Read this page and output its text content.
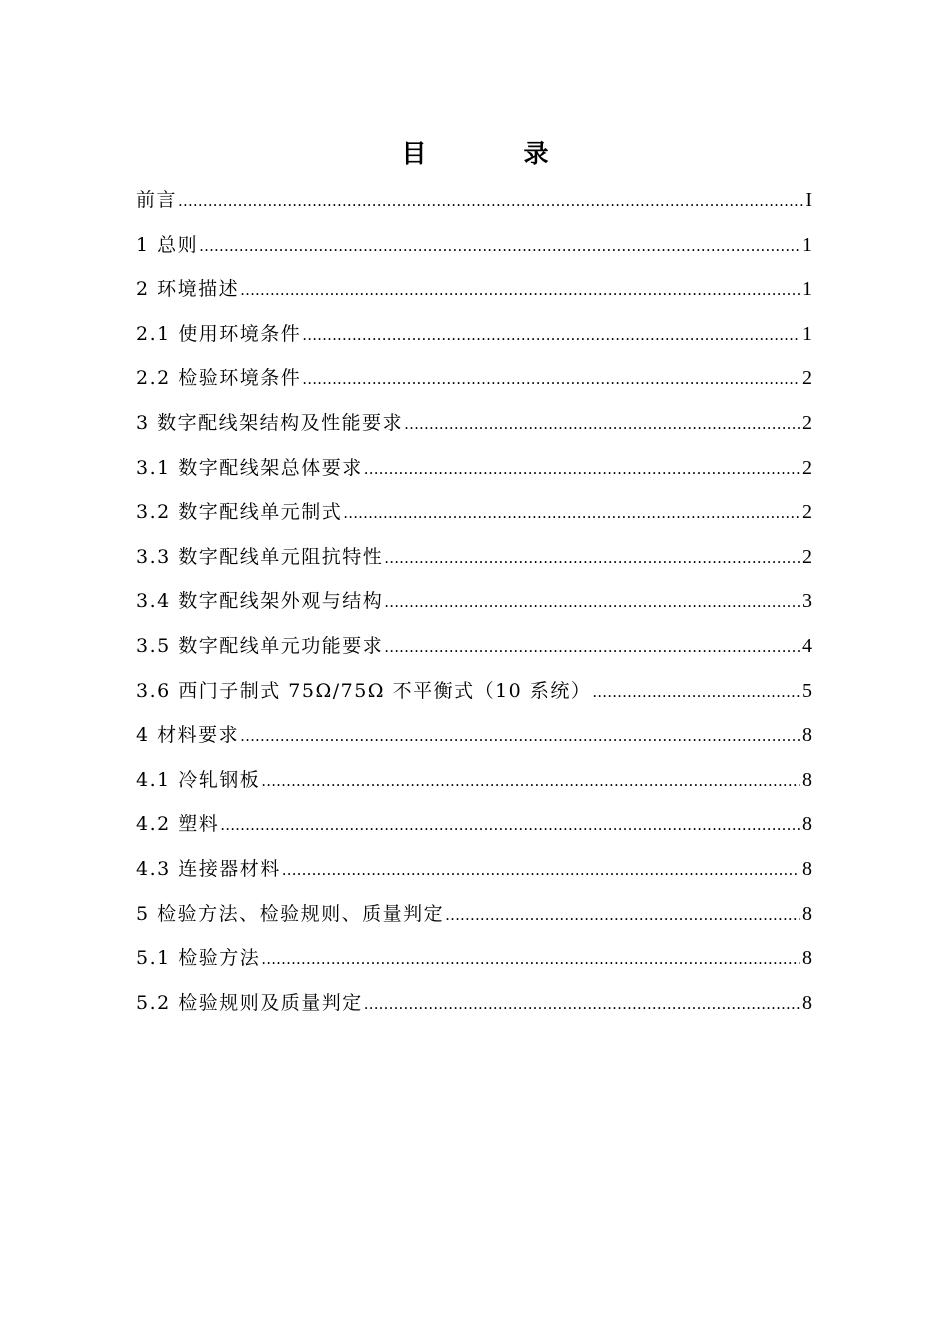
目　录
前言 .....	I
1 总则 .....	1
2 环境描述 .....	1
2.1 使用环境条件 .....	1
2.2 检验环境条件 .....	2
3 数字配线架结构及性能要求 .....	2
3.1 数字配线架总体要求 .....	2
3.2 数字配线单元制式 .....	2
3.3 数字配线单元阻抗特性 .....	2
3.4 数字配线架外观与结构 .....	3
3.5 数字配线单元功能要求 .....	4
3.6 西门子制式 75Ω/75Ω 不平衡式（10 系统） .....	5
4 材料要求 .....	8
4.1 冷轧钢板 .....	8
4.2 塑料 .....	8
4.3 连接器材料 .....	8
5 检验方法、检验规则、质量判定 .....	8
5.1 检验方法 .....	8
5.2 检验规则及质量判定 .....	8
